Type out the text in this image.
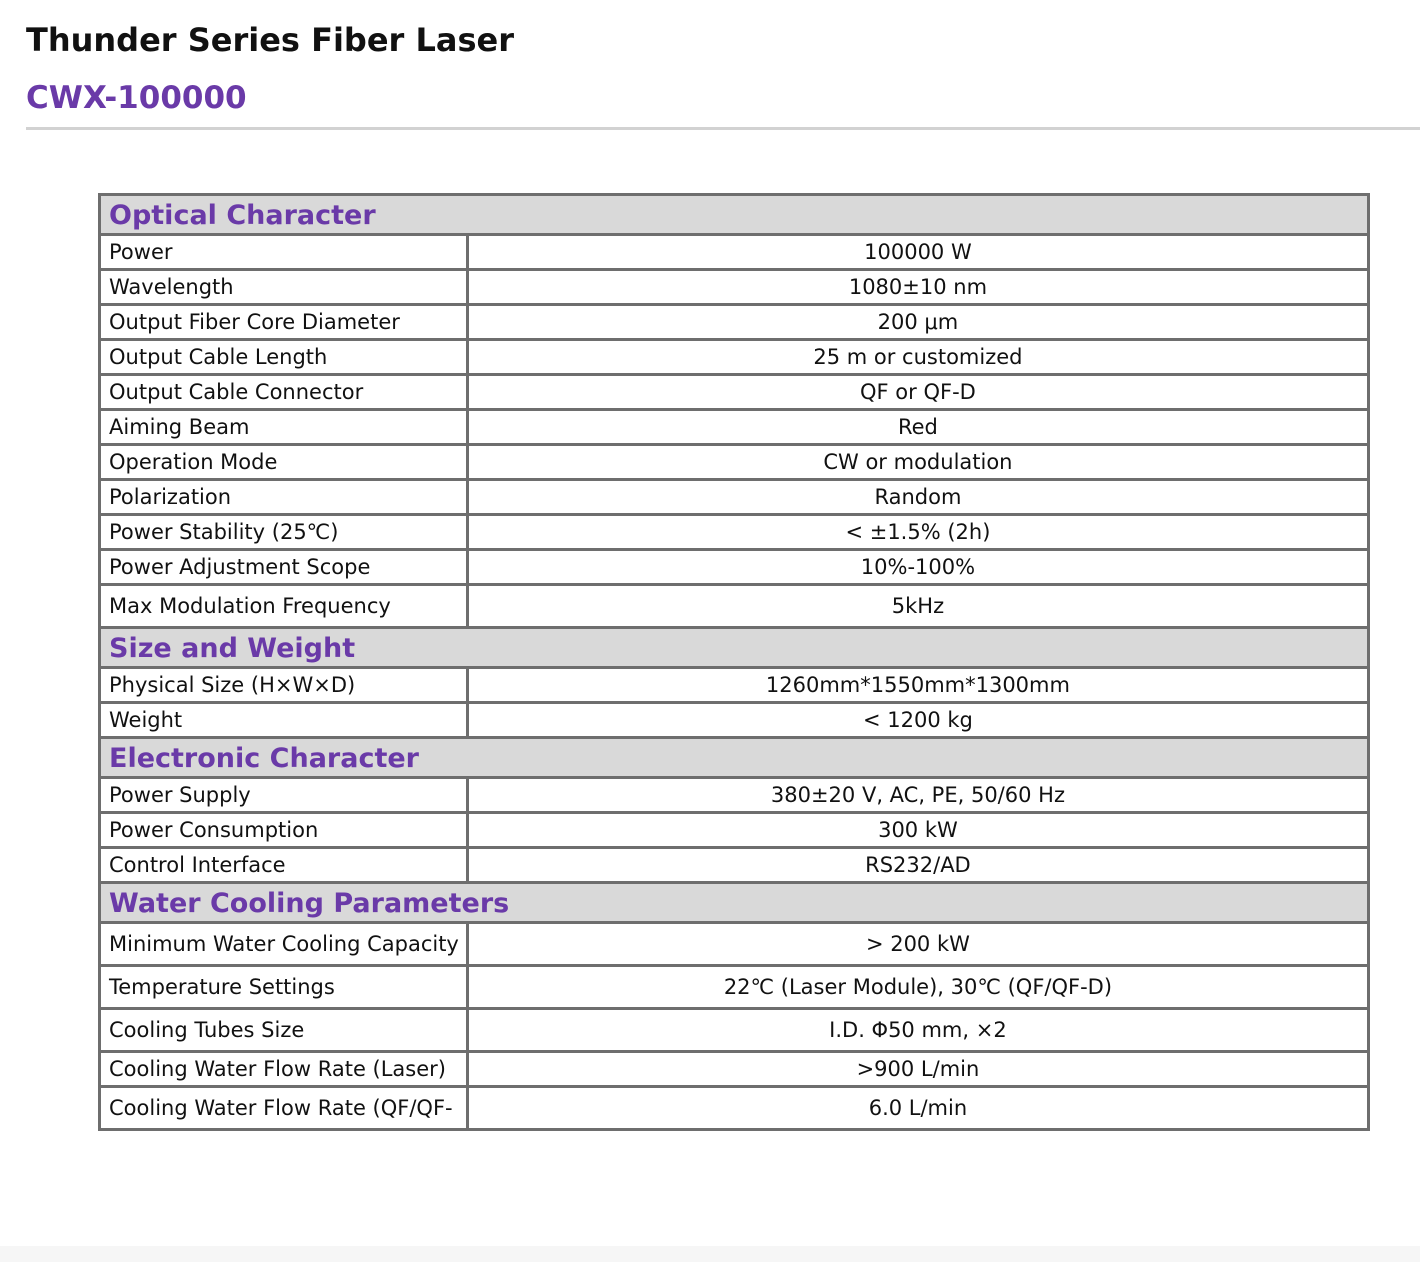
Thunder Series Fiber Laser
CWX-100000
Optical Character	
Power	100000 W
Wavelength	1080±10 nm
Output Fiber Core Diameter	200 μm
Output Cable Length	25 m or customized
Output Cable Connector	QF or QF-D
Aiming Beam	Red
Operation Mode	CW or modulation
Polarization	Random
Power Stability (25℃)	< ±1.5% (2h)
Power Adjustment Scope	10%-100%
Max Modulation Frequency	5kHz
Size and Weight	
Physical Size (H×W×D)	1260mm*1550mm*1300mm
Weight	< 1200 kg
Electronic Character	
Power Supply	380±20 V, AC, PE, 50/60 Hz
Power Consumption	300 kW
Control Interface	RS232/AD
Water Cooling Parameters	
Minimum Water Cooling Capacity	> 200 kW
Temperature Settings	22℃ (Laser Module), 30℃ (QF/QF-D)
Cooling Tubes Size	I.D. Φ50 mm, ×2
Cooling Water Flow Rate (Laser)	>900 L/min
Cooling Water Flow Rate (QF/QF-	6.0 L/min
